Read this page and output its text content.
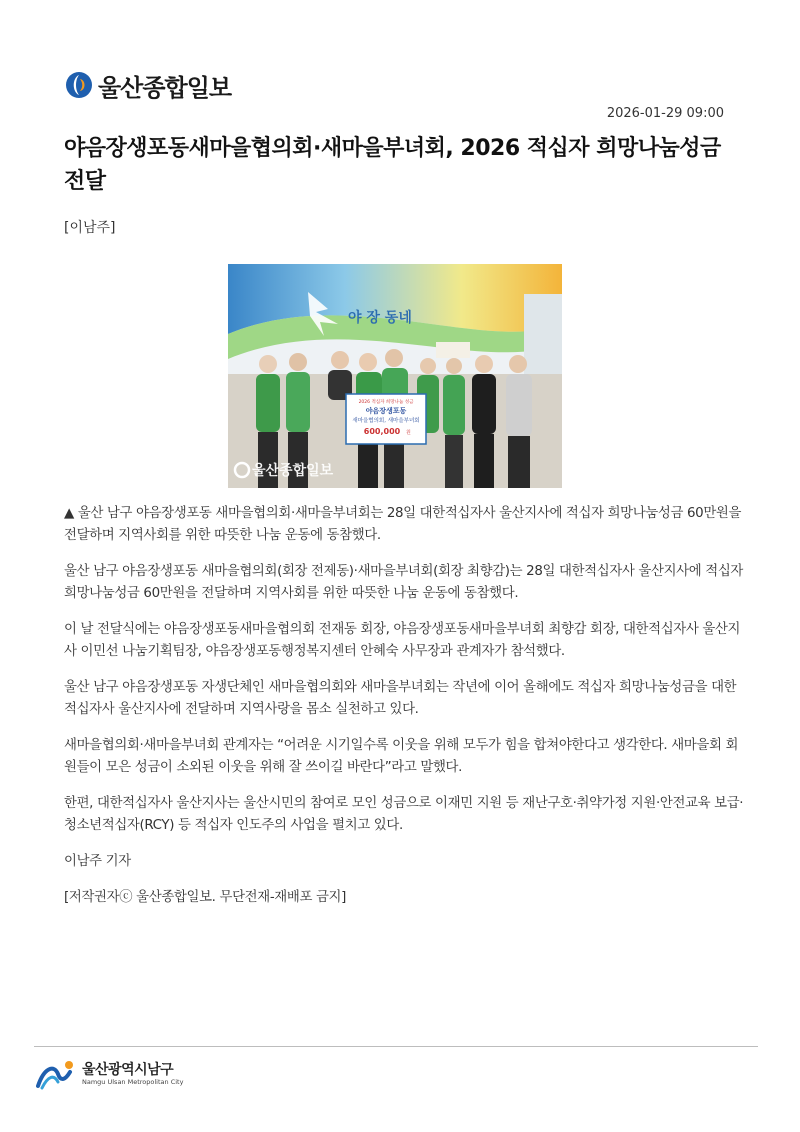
울산종합일보
2026-01-29 09:00
야음장생포동새마을협의회·새마을부녀회, 2026 적십자 희망나눔성금 전달
[이남주]
야 장 동네
2026 적십자 희망나눔 성금
야음장생포동
새마을협의회, 새마을부녀회
600,000 원
울산종합일보

▲ 울산 남구 야음장생포동 새마을협의회·새마을부녀회는 28일 대한적십자사 울산지사에 적십자 희망나눔성금 60만원을 전달하며 지역사회를 위한 따뜻한 나눔 운동에 동참했다.

울산 남구 야음장생포동 새마을협의회(회장 전제동)·새마을부녀회(회장 최향감)는 28일 대한적십자사 울산지사에 적십자 희망나눔성금 60만원을 전달하며 지역사회를 위한 따뜻한 나눔 운동에 동참했다.

이 날 전달식에는 야음장생포동새마을협의회 전재동 회장, 야음장생포동새마을부녀회 최향감 회장, 대한적십자사 울산지사 이민선 나눔기획팀장, 야음장생포동행정복지센터 안혜숙 사무장과 관계자가 참석했다.

울산 남구 야음장생포동 자생단체인 새마을협의회와 새마을부녀회는 작년에 이어 올해에도 적십자 희망나눔성금을 대한적십자사 울산지사에 전달하며 지역사랑을 몸소 실천하고 있다.

새마을협의회·새마을부녀회 관계자는 “어려운 시기일수록 이웃을 위해 모두가 힘을 합쳐야한다고 생각한다. 새마을회 회원들이 모은 성금이 소외된 이웃을 위해 잘 쓰이길 바란다”라고 말했다.

한편, 대한적십자사 울산지사는 울산시민의 참여로 모인 성금으로 이재민 지원 등 재난구호·취약가정 지원·안전교육 보급·청소년적십자(RCY) 등 적십자 인도주의 사업을 펼치고 있다.

이남주 기자

[저작권자ⓒ 울산종합일보. 무단전재-재배포 금지]

울산광역시남구
Namgu Ulsan Metropolitan City
